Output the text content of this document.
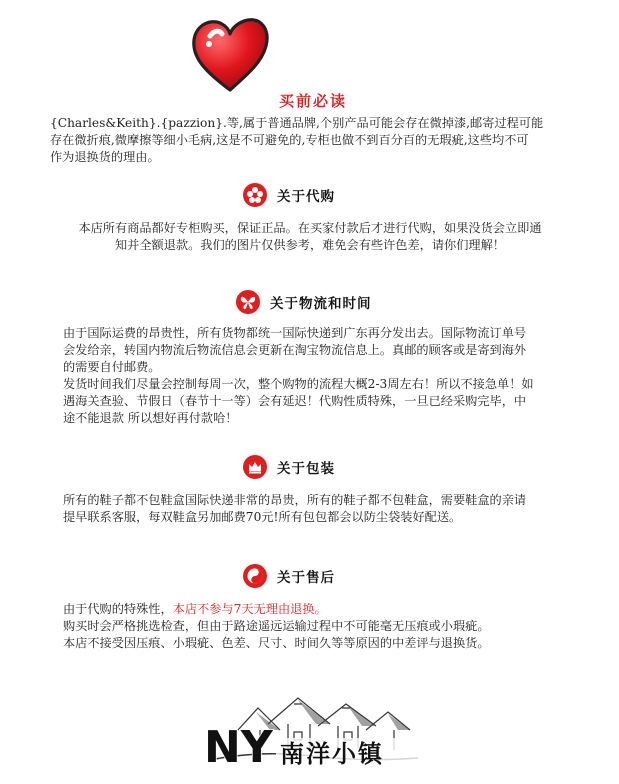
买前必读
{Charles&Keith}.{pazzion}.等,属于普通品牌,个别产品可能会存在微掉漆,邮寄过程可能
存在微折痕,微摩擦等细小毛病,这是不可避免的,专柜也做不到百分百的无瑕疵,这些均不可
作为退换货的理由。
关于代购
本店所有商品都好专柜购买，保证正品。在买家付款后才进行代购，如果没货会立即通
知并全额退款。我们的图片仅供参考，难免会有些许色差，请你们理解！
关于物流和时间
由于国际运费的昂贵性，所有货物都统一国际快递到广东再分发出去。国际物流订单号
会发给亲，转国内物流后物流信息会更新在淘宝物流信息上。真邮的顾客或是寄到海外
的需要自付邮费。
发货时间我们尽量会控制每周一次，整个购物的流程大概2-3周左右！所以不接急单！如
遇海关查验、节假日（春节十一等）会有延迟！代购性质特殊，一旦已经采购完毕，中
途不能退款 所以想好再付款哈！
关于包装
所有的鞋子都不包鞋盒国际快递非常的昂贵，所有的鞋子都不包鞋盒，需要鞋盒的亲请
提早联系客服，每双鞋盒另加邮费70元!所有包包都会以防尘袋装好配送。
关于售后
由于代购的特殊性，本店不参与7天无理由退换。
购买时会严格挑选检查，但由于路途遥远运输过程中不可能毫无压痕或小瑕疵。
本店不接受因压痕、小瑕疵、色差、尺寸、时间久等等原因的中差评与退换货。
NY 南洋小镇
